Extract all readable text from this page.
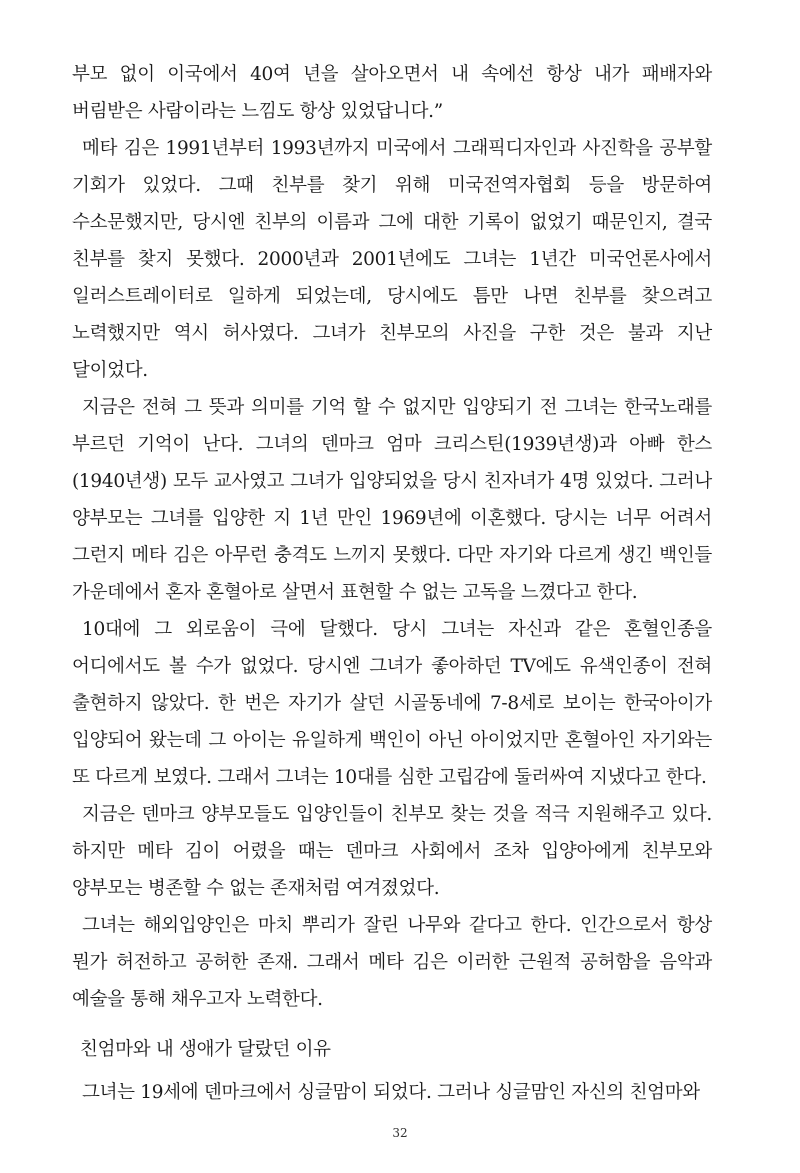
부모 없이 이국에서 40여 년을 살아오면서 내 속에선 항상 내가 패배자와 버림받은 사람이라는 느낌도 항상 있었답니다.”

메타 김은 1991년부터 1993년까지 미국에서 그래픽디자인과 사진학을 공부할 기회가 있었다. 그때 친부를 찾기 위해 미국전역자협회 등을 방문하여 수소문했지만, 당시엔 친부의 이름과 그에 대한 기록이 없었기 때문인지, 결국 친부를 찾지 못했다. 2000년과 2001년에도 그녀는 1년간 미국언론사에서 일러스트레이터로 일하게 되었는데, 당시에도 틈만 나면 친부를 찾으려고 노력했지만 역시 허사였다. 그녀가 친부모의 사진을 구한 것은 불과 지난 달이었다.

지금은 전혀 그 뜻과 의미를 기억 할 수 없지만 입양되기 전 그녀는 한국노래를 부르던 기억이 난다. 그녀의 덴마크 엄마 크리스틴(1939년생)과 아빠 한스(1940년생) 모두 교사였고 그녀가 입양되었을 당시 친자녀가 4명 있었다. 그러나 양부모는 그녀를 입양한 지 1년 만인 1969년에 이혼했다. 당시는 너무 어려서 그런지 메타 김은 아무런 충격도 느끼지 못했다. 다만 자기와 다르게 생긴 백인들 가운데에서 혼자 혼혈아로 살면서 표현할 수 없는 고독을 느꼈다고 한다.

10대에 그 외로움이 극에 달했다. 당시 그녀는 자신과 같은 혼혈인종을 어디에서도 볼 수가 없었다. 당시엔 그녀가 좋아하던 TV에도 유색인종이 전혀 출현하지 않았다. 한 번은 자기가 살던 시골동네에 7-8세로 보이는 한국아이가 입양되어 왔는데 그 아이는 유일하게 백인이 아닌 아이었지만 혼혈아인 자기와는 또 다르게 보였다. 그래서 그녀는 10대를 심한 고립감에 둘러싸여 지냈다고 한다.

지금은 덴마크 양부모들도 입양인들이 친부모 찾는 것을 적극 지원해주고 있다. 하지만 메타 김이 어렸을 때는 덴마크 사회에서 조차 입양아에게 친부모와 양부모는 병존할 수 없는 존재처럼 여겨졌었다.

그녀는 해외입양인은 마치 뿌리가 잘린 나무와 같다고 한다. 인간으로서 항상 뭔가 허전하고 공허한 존재. 그래서 메타 김은 이러한 근원적 공허함을 음악과 예술을 통해 채우고자 노력한다.

친엄마와 내 생애가 달랐던 이유

그녀는 19세에 덴마크에서 싱글맘이 되었다. 그러나 싱글맘인 자신의 친엄마와

32
